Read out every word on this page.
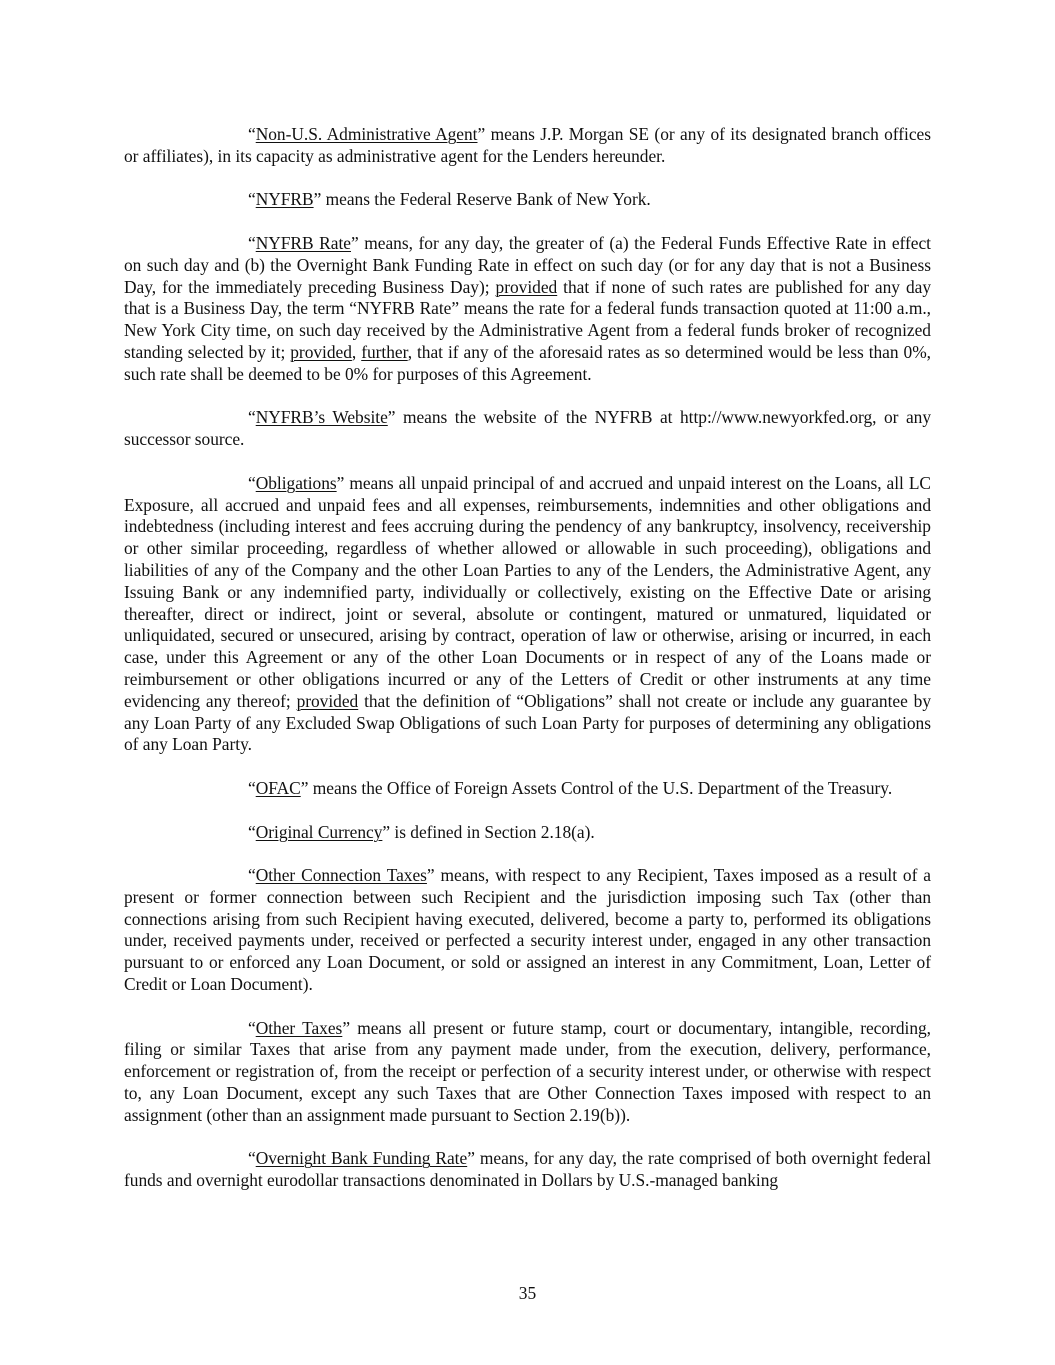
“Non-U.S. Administrative Agent” means J.P. Morgan SE (or any of its designated branch offices or affiliates), in its capacity as administrative agent for the Lenders hereunder.

“NYFRB” means the Federal Reserve Bank of New York.

“NYFRB Rate” means, for any day, the greater of (a) the Federal Funds Effective Rate in effect on such day and (b) the Overnight Bank Funding Rate in effect on such day (or for any day that is not a Business Day, for the immediately preceding Business Day); provided that if none of such rates are published for any day that is a Business Day, the term “NYFRB Rate” means the rate for a federal funds transaction quoted at 11:00 a.m., New York City time, on such day received by the Administrative Agent from a federal funds broker of recognized standing selected by it; provided, further, that if any of the aforesaid rates as so determined would be less than 0%, such rate shall be deemed to be 0% for purposes of this Agreement.

“NYFRB’s Website” means the website of the NYFRB at http://www.newyorkfed.org, or any successor source.

“Obligations” means all unpaid principal of and accrued and unpaid interest on the Loans, all LC Exposure, all accrued and unpaid fees and all expenses, reimbursements, indemnities and other obligations and indebtedness (including interest and fees accruing during the pendency of any bankruptcy, insolvency, receivership or other similar proceeding, regardless of whether allowed or allowable in such proceeding), obligations and liabilities of any of the Company and the other Loan Parties to any of the Lenders, the Administrative Agent, any Issuing Bank or any indemnified party, individually or collectively, existing on the Effective Date or arising thereafter, direct or indirect, joint or several, absolute or contingent, matured or unmatured, liquidated or unliquidated, secured or unsecured, arising by contract, operation of law or otherwise, arising or incurred, in each case, under this Agreement or any of the other Loan Documents or in respect of any of the Loans made or reimbursement or other obligations incurred or any of the Letters of Credit or other instruments at any time evidencing any thereof; provided that the definition of “Obligations” shall not create or include any guarantee by any Loan Party of any Excluded Swap Obligations of such Loan Party for purposes of determining any obligations of any Loan Party.

“OFAC” means the Office of Foreign Assets Control of the U.S. Department of the Treasury.

“Original Currency” is defined in Section 2.18(a).

“Other Connection Taxes” means, with respect to any Recipient, Taxes imposed as a result of a present or former connection between such Recipient and the jurisdiction imposing such Tax (other than connections arising from such Recipient having executed, delivered, become a party to, performed its obligations under, received payments under, received or perfected a security interest under, engaged in any other transaction pursuant to or enforced any Loan Document, or sold or assigned an interest in any Commitment, Loan, Letter of Credit or Loan Document).

“Other Taxes” means all present or future stamp, court or documentary, intangible, recording, filing or similar Taxes that arise from any payment made under, from the execution, delivery, performance, enforcement or registration of, from the receipt or perfection of a security interest under, or otherwise with respect to, any Loan Document, except any such Taxes that are Other Connection Taxes imposed with respect to an assignment (other than an assignment made pursuant to Section 2.19(b)).

“Overnight Bank Funding Rate” means, for any day, the rate comprised of both overnight federal funds and overnight eurodollar transactions denominated in Dollars by U.S.-managed banking

35
